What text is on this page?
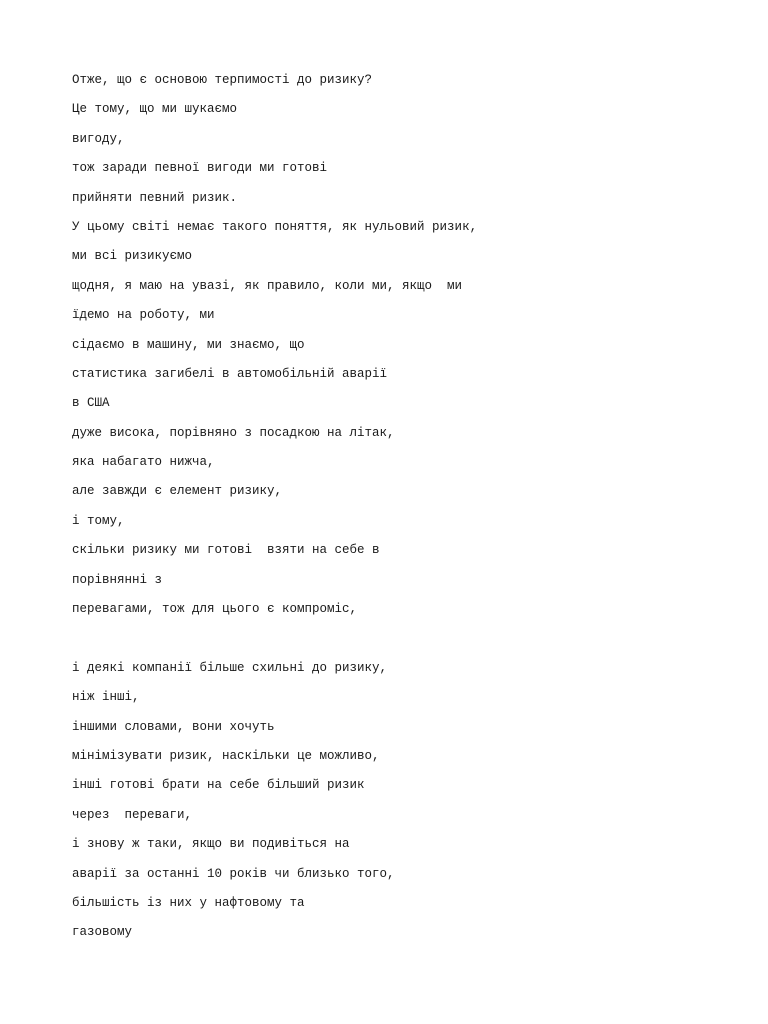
Отже, що є основою терпимості до ризику?
Це тому, що ми шукаємо
вигоду,
тож заради певної вигоди ми готові
прийняти певний ризик.
У цьому світі немає такого поняття, як нульовий ризик,
ми всі ризикуємо
щодня, я маю на увазі, як правило, коли ми, якщо  ми
їдемо на роботу, ми
сідаємо в машину, ми знаємо, що
статистика загибелі в автомобільній аварії
в США
дуже висока, порівняно з посадкою на літак,
яка набагато нижча,
але завжди є елемент ризику,
і тому,
скільки ризику ми готові  взяти на себе в
порівнянні з
перевагами, тож для цього є компроміс,
і деякі компанії більше схильні до ризику,
ніж інші,
іншими словами, вони хочуть
мінімізувати ризик, наскільки це можливо,
інші готові брати на себе більший ризик
через  переваги,
і знову ж таки, якщо ви подивіться на
аварії за останні 10 років чи близько того,
більшість із них у нафтовому та
газовому
